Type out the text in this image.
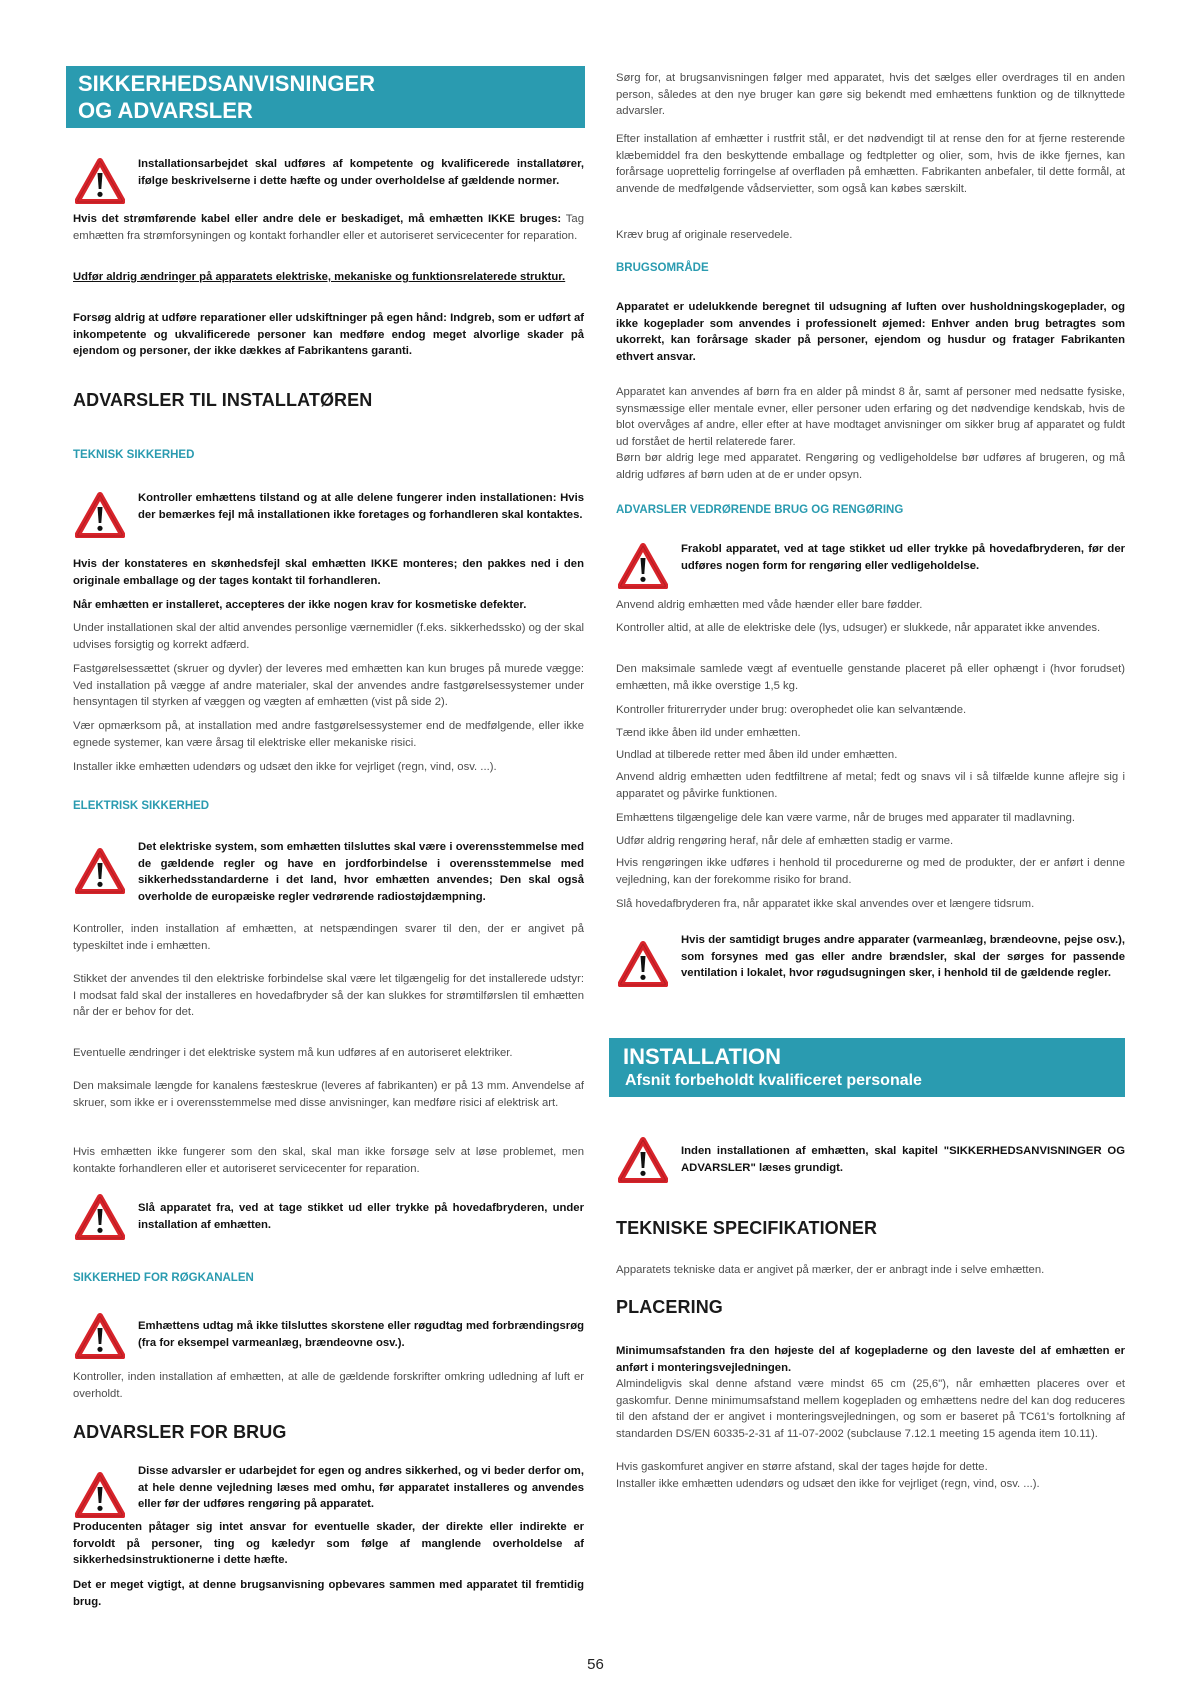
SIKKERHEDSANVISNINGER
OG ADVARSLER

Installationsarbejdet skal udføres af kompetente og kvalificerede installatører, ifølge beskrivelserne i dette hæfte og under overholdelse af gældende normer.

Hvis det strømførende kabel eller andre dele er beskadiget, må emhætten IKKE bruges: Tag emhætten fra strømforsyningen og kontakt forhandler eller et autoriseret servicecenter for reparation.

Udfør aldrig ændringer på apparatets elektriske, mekaniske og funktionsrelaterede struktur.

Forsøg aldrig at udføre reparationer eller udskiftninger på egen hånd: Indgreb, som er udført af inkompetente og ukvalificerede personer kan medføre endog meget alvorlige skader på ejendom og personer, der ikke dækkes af Fabrikantens garanti.

ADVARSLER TIL INSTALLATØREN
TEKNISK SIKKERHED

Kontroller emhættens tilstand og at alle delene fungerer inden installationen: Hvis der bemærkes fejl må installationen ikke foretages og forhandleren skal kontaktes.

Hvis der konstateres en skønhedsfejl skal emhætten IKKE monteres; den pakkes ned i den originale emballage og der tages kontakt til forhandleren.

Når emhætten er installeret, accepteres der ikke nogen krav for kosmetiske defekter.

Under installationen skal der altid anvendes personlige værnemidler (f.eks. sikkerhedssko) og der skal udvises forsigtig og korrekt adfærd.

Fastgørelsessættet (skruer og dyvler) der leveres med emhætten kan kun bruges på murede vægge: Ved installation på vægge af andre materialer, skal der anvendes andre fastgørelsessystemer under hensyntagen til styrken af væggen og vægten af emhætten (vist på side 2).

Vær opmærksom på, at installation med andre fastgørelsessystemer end de medfølgende, eller ikke egnede systemer, kan være årsag til elektriske eller mekaniske risici.

Installer ikke emhætten udendørs og udsæt den ikke for vejrliget (regn, vind, osv. ...).

ELEKTRISK SIKKERHED

Det elektriske system, som emhætten tilsluttes skal være i overensstemmelse med de gældende regler og have en jordforbindelse i overensstemmelse med sikkerhedsstandarderne i det land, hvor emhætten anvendes; Den skal også overholde de europæiske regler vedrørende radiostøjdæmpning.

Kontroller, inden installation af emhætten, at netspændingen svarer til den, der er angivet på typeskiltet inde i emhætten.

Stikket der anvendes til den elektriske forbindelse skal være let tilgængelig for det installerede udstyr: I modsat fald skal der installeres en hovedafbryder så der kan slukkes for strømtilførslen til emhætten når der er behov for det.

Eventuelle ændringer i det elektriske system må kun udføres af en autoriseret elektriker.

Den maksimale længde for kanalens fæsteskrue (leveres af fabrikanten) er på 13 mm. Anvendelse af skruer, som ikke er i overensstemmelse med disse anvisninger, kan medføre risici af elektrisk art.

Hvis emhætten ikke fungerer som den skal, skal man ikke forsøge selv at løse problemet, men kontakte forhandleren eller et autoriseret servicecenter for reparation.

Slå apparatet fra, ved at tage stikket ud eller trykke på hovedafbryderen, under installation af emhætten.

SIKKERHED FOR RØGKANALEN

Emhættens udtag må ikke tilsluttes skorstene eller røgudtag med forbrændingsrøg (fra for eksempel varmeanlæg, brændeovne osv.).

Kontroller, inden installation af emhætten, at alle de gældende forskrifter omkring udledning af luft er overholdt.

ADVARSLER FOR BRUG

Disse advarsler er udarbejdet for egen og andres sikkerhed, og vi beder derfor om, at hele denne vejledning læses med omhu, før apparatet installeres og anvendes eller før der udføres rengøring på apparatet.

Producenten påtager sig intet ansvar for eventuelle skader, der direkte eller indirekte er forvoldt på personer, ting og kæledyr som følge af manglende overholdelse af sikkerhedsinstruktionerne i dette hæfte.

Det er meget vigtigt, at denne brugsanvisning opbevares sammen med apparatet til fremtidig brug.

Sørg for, at brugsanvisningen følger med apparatet, hvis det sælges eller overdrages til en anden person, således at den nye bruger kan gøre sig bekendt med emhættens funktion og de tilknyttede advarsler.

Efter installation af emhætter i rustfrit stål, er det nødvendigt til at rense den for at fjerne resterende klæbemiddel fra den beskyttende emballage og fedtpletter og olier, som, hvis de ikke fjernes, kan forårsage uoprettelig forringelse af overfladen på emhætten. Fabrikanten anbefaler, til dette formål, at anvende de medfølgende vådservietter, som også kan købes særskilt.

Kræv brug af originale reservedele.

BRUGSOMRÅDE

Apparatet er udelukkende beregnet til udsugning af luften over husholdningskogeplader, og ikke kogeplader som anvendes i professionelt øjemed: Enhver anden brug betragtes som ukorrekt, kan forårsage skader på personer, ejendom og husdur og fratager Fabrikanten ethvert ansvar.

Apparatet kan anvendes af børn fra en alder på mindst 8 år, samt af personer med nedsatte fysiske, synsmæssige eller mentale evner, eller personer uden erfaring og det nødvendige kendskab, hvis de blot overvåges af andre, eller efter at have modtaget anvisninger om sikker brug af apparatet og fuldt ud forstået de hertil relaterede farer.

Børn bør aldrig lege med apparatet. Rengøring og vedligeholdelse bør udføres af brugeren, og må aldrig udføres af børn uden at de er under opsyn.

ADVARSLER VEDRØRENDE BRUG OG RENGØRING

Frakobl apparatet, ved at tage stikket ud eller trykke på hovedafbryderen, før der udføres nogen form for rengøring eller vedligeholdelse.

Anvend aldrig emhætten med våde hænder eller bare fødder.

Kontroller altid, at alle de elektriske dele (lys, udsuger) er slukkede, når apparatet ikke anvendes.

Den maksimale samlede vægt af eventuelle genstande placeret på eller ophængt i (hvor forudset) emhætten, må ikke overstige 1,5 kg.

Kontroller friturегryder under brug: overophedet olie kan selvantænde.

Tænd ikke åben ild under emhætten.

Undlad at tilberede retter med åben ild under emhætten.

Anvend aldrig emhætten uden fedtfiltrene af metal; fedt og snavs vil i så tilfælde kunne aflejre sig i apparatet og påvirke funktionen.

Emhættens tilgængelige dele kan være varme, når de bruges med apparater til madlavning.

Udfør aldrig rengøring heraf, når dele af emhætten stadig er varme.

Hvis rengøringen ikke udføres i henhold til procedurerne og med de produkter, der er anført i denne vejledning, kan der forekomme risiko for brand.

Slå hovedafbryderen fra, når apparatet ikke skal anvendes over et længere tidsrum.

Hvis der samtidigt bruges andre apparater (varmeanlæg, brændeovne, pejse osv.), som forsynes med gas eller andre brændsler, skal der sørges for passende ventilation i lokalet, hvor røgudsugningen sker, i henhold til de gældende regler.

INSTALLATION
Afsnit forbeholdt kvalificeret personale

Inden installationen af emhætten, skal kapitel "SIKKERHEDSANVISNINGER OG ADVARSLER" læses grundigt.

TEKNISKE SPECIFIKATIONER

Apparatets tekniske data er angivet på mærker, der er anbragt inde i selve emhætten.

PLACERING

Minimumsafstanden fra den højeste del af kogepladerne og den laveste del af emhætten er anført i monteringsvejledningen.

Almindeligvis skal denne afstand være mindst 65 cm (25,6"), når emhætten placeres over et gaskomfur. Denne minimumsafstand mellem kogepladen og emhættens nedre del kan dog reduceres til den afstand der er angivet i monteringsvejledningen, og som er baseret på TC61's fortolkning af standarden DS/EN 60335-2-31 af 11-07-2002 (subclause 7.12.1 meeting 15 agenda item 10.11).

Hvis gaskomfuret angiver en større afstand, skal der tages højde for dette.

Installer ikke emhætten udendørs og udsæt den ikke for vejrliget (regn, vind, osv. ...).

56
